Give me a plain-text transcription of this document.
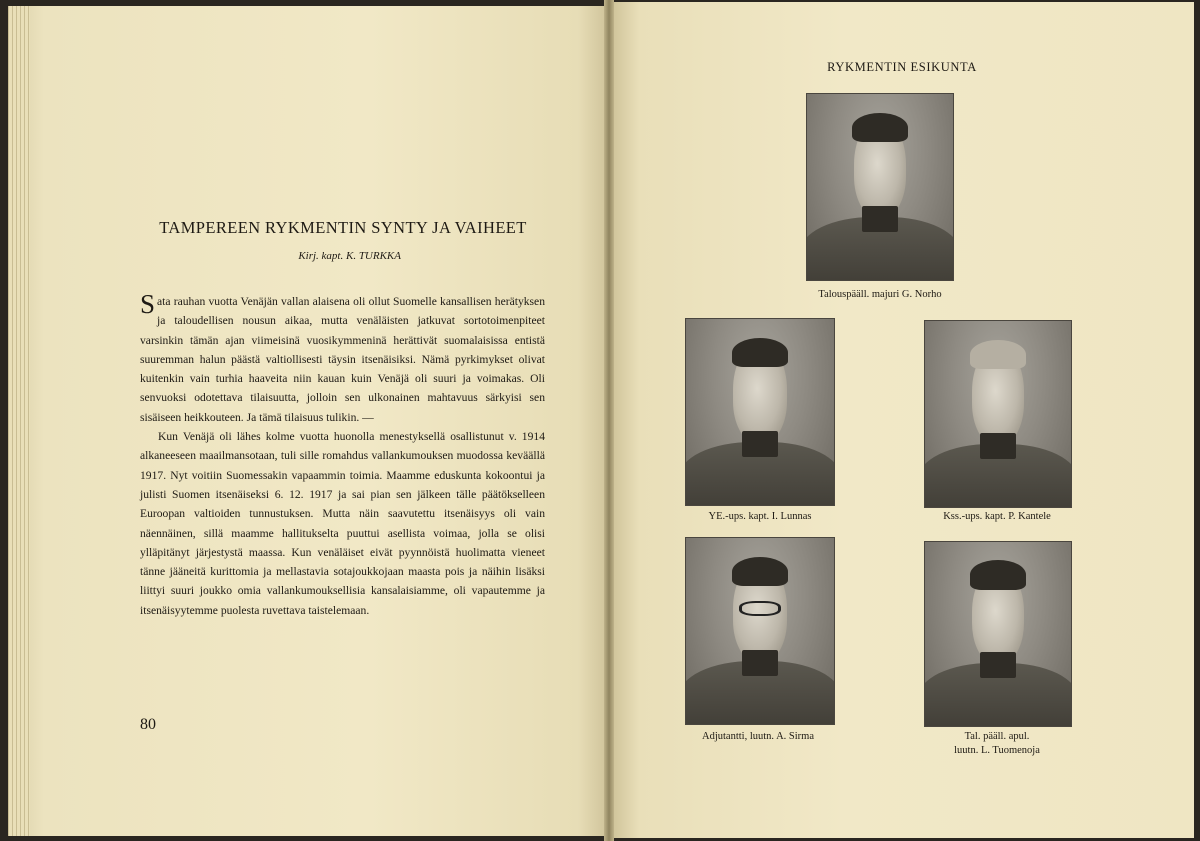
TAMPEREEN RYKMENTIN SYNTY JA VAIHEET
Kirj. kapt. K. TURKKA

Sata rauhan vuotta Venäjän vallan alaisena oli ollut Suomelle kansallisen herätyksen ja taloudellisen nousun aikaa, mutta venäläisten jatkuvat sortotoimenpiteet varsinkin tämän ajan viimeisinä vuosikymmeninä herättivät suomalaisissa entistä suuremman halun päästä valtiollisesti täysin itsenäisiksi. Nämä pyrkimykset olivat kuitenkin vain turhia haaveita niin kauan kuin Venäjä oli suuri ja voimakas. Oli senvuoksi odotettava tilaisuutta, jolloin sen ulkonainen mahtavuus särkyisi sen sisäiseen heikkouteen. Ja tämä tilaisuus tulikin. —

Kun Venäjä oli lähes kolme vuotta huonolla menestyksellä osallistunut v. 1914 alkaneeseen maailmansotaan, tuli sille romahdus vallankumouksen muodossa keväällä 1917. Nyt voitiin Suomessakin vapaammin toimia. Maamme eduskunta kokoontui ja julisti Suomen itsenäiseksi 6. 12. 1917 ja sai pian sen jälkeen tälle päätökselleen Euroopan valtioiden tunnustuksen. Mutta näin saavutettu itsenäisyys oli vain näennäinen, sillä maamme hallitukselta puuttui asellista voimaa, jolla se olisi ylläpitänyt järjestystä maassa. Kun venäläiset eivät pyynnöistä huolimatta vieneet tänne jääneitä kurittomia ja mellastavia sotajoukkojaan maasta pois ja näihin lisäksi liittyi suuri joukko omia vallankumouksellisia kansalaisiamme, oli vapautemme ja itsenäisyytemme puolesta ruvettava taistelemaan.

80
RYKMENTIN ESIKUNTA
Talouspääll. majuri G. Norho
YE.-ups. kapt. I. Lunnas	Kss.-ups. kapt. P. Kantele
Adjutantti, luutn. A. Sirma	Tal. pääll. apul.
luutn. L. Tuomenoja
